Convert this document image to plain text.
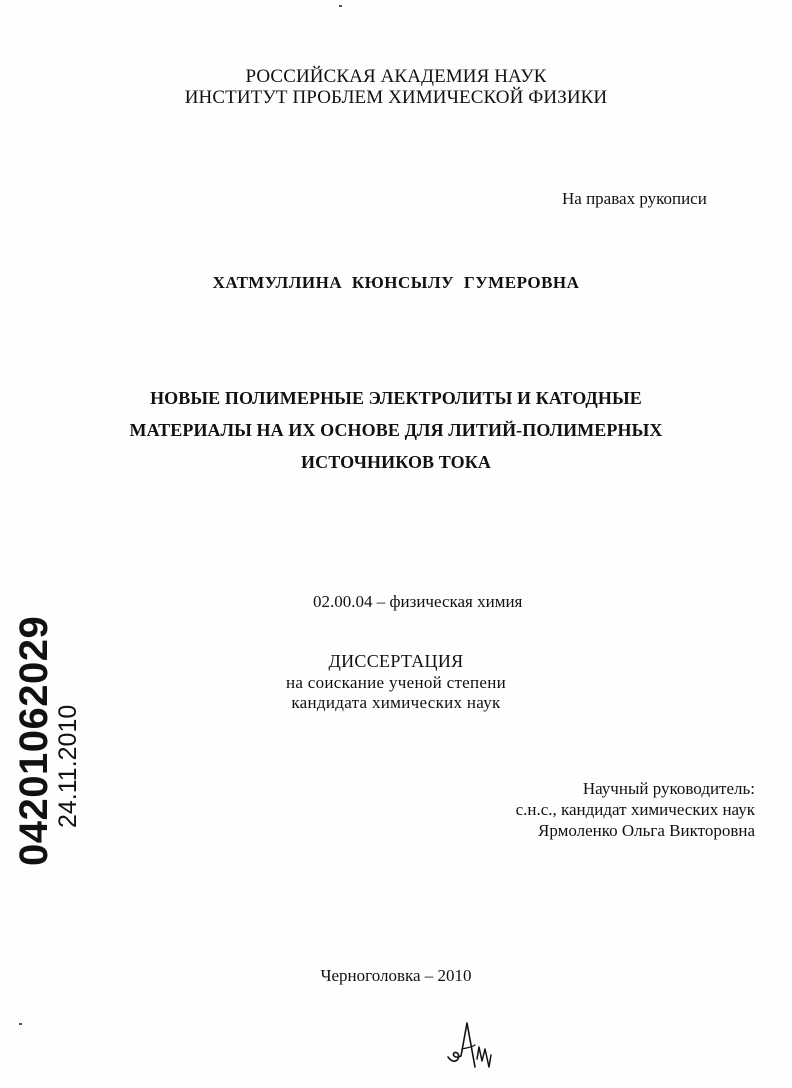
РОССИЙСКАЯ АКАДЕМИЯ НАУК
ИНСТИТУТ ПРОБЛЕМ ХИМИЧЕСКОЙ ФИЗИКИ
На правах рукописи
ХАТМУЛЛИНА КЮНСЫЛУ ГУМЕРОВНА
НОВЫЕ ПОЛИМЕРНЫЕ ЭЛЕКТРОЛИТЫ И КАТОДНЫЕ
МАТЕРИАЛЫ НА ИХ ОСНОВЕ ДЛЯ ЛИТИЙ-ПОЛИМЕРНЫХ
ИСТОЧНИКОВ ТОКА
02.00.04 – физическая химия
ДИССЕРТАЦИЯ
на соискание ученой степени
кандидата химических наук
Научный руководитель:
с.н.с., кандидат химических наук
Ярмоленко Ольга Викторовна
Черноголовка – 2010
04201062029
24.11.2010
